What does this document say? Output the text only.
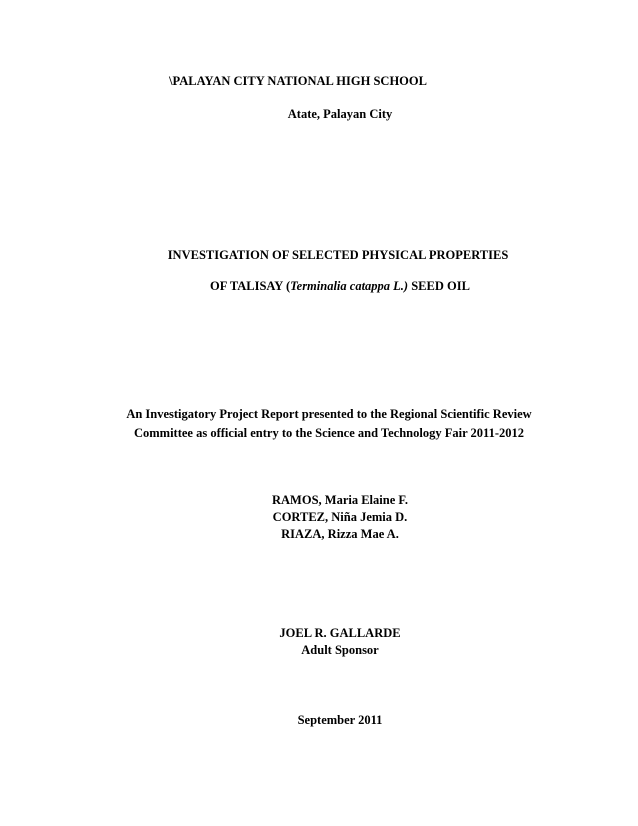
\PALAYAN CITY NATIONAL HIGH SCHOOL
Atate, Palayan City
INVESTIGATION OF SELECTED PHYSICAL PROPERTIES
OF TALISAY (Terminalia catappa L.) SEED OIL
An Investigatory Project Report presented to the Regional Scientific Review
Committee as official entry to the Science and Technology Fair 2011-2012
RAMOS, Maria Elaine F.
CORTEZ, Niña Jemia D.
RIAZA, Rizza Mae A.
JOEL R. GALLARDE
Adult Sponsor
September 2011
